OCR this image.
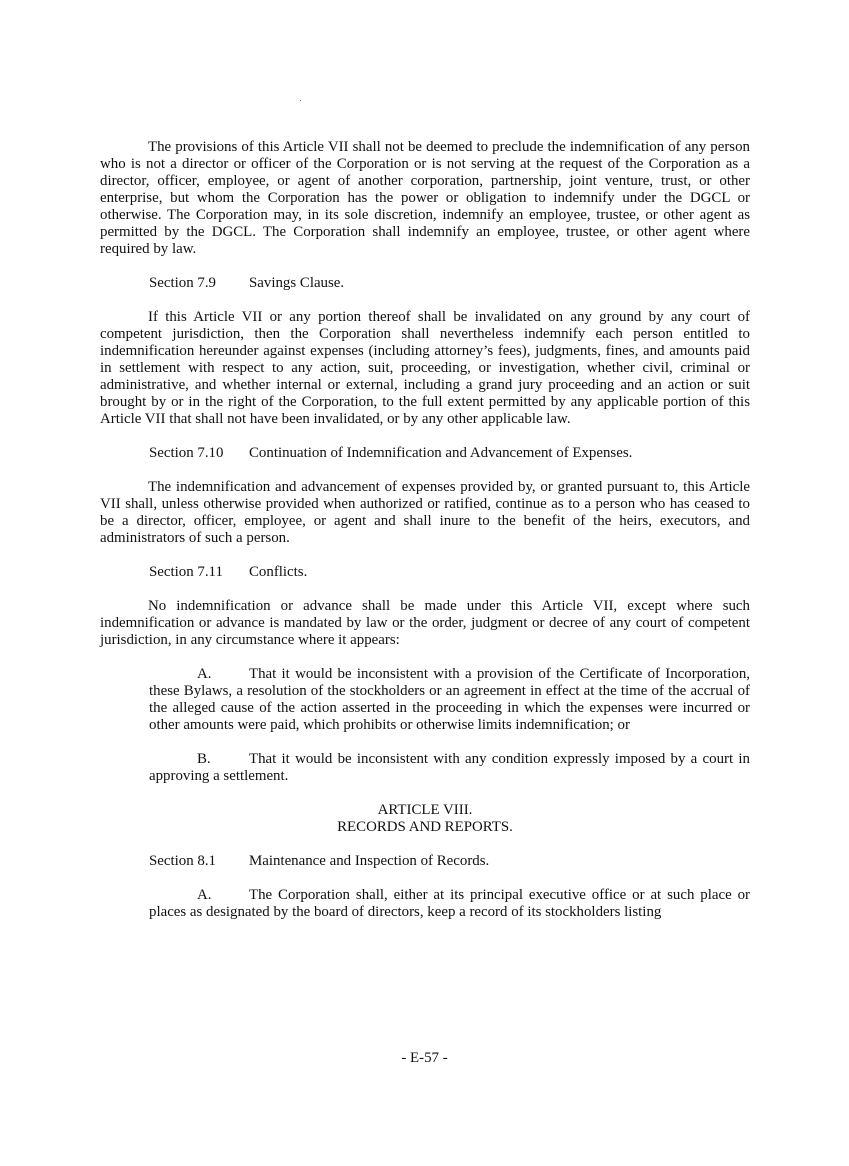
The provisions of this Article VII shall not be deemed to preclude the indemnification of any person who is not a director or officer of the Corporation or is not serving at the request of the Corporation as a director, officer, employee, or agent of another corporation, partnership, joint venture, trust, or other enterprise, but whom the Corporation has the power or obligation to indemnify under the DGCL or otherwise. The Corporation may, in its sole discretion, indemnify an employee, trustee, or other agent as permitted by the DGCL. The Corporation shall indemnify an employee, trustee, or other agent where required by law.

Section 7.9	Savings Clause.

If this Article VII or any portion thereof shall be invalidated on any ground by any court of competent jurisdiction, then the Corporation shall nevertheless indemnify each person entitled to indemnification hereunder against expenses (including attorney’s fees), judgments, fines, and amounts paid in settlement with respect to any action, suit, proceeding, or investigation, whether civil, criminal or administrative, and whether internal or external, including a grand jury proceeding and an action or suit brought by or in the right of the Corporation, to the full extent permitted by any applicable portion of this Article VII that shall not have been invalidated, or by any other applicable law.

Section 7.10	Continuation of Indemnification and Advancement of Expenses.

The indemnification and advancement of expenses provided by, or granted pursuant to, this Article VII shall, unless otherwise provided when authorized or ratified, continue as to a person who has ceased to be a director, officer, employee, or agent and shall inure to the benefit of the heirs, executors, and administrators of such a person.

Section 7.11	Conflicts.

No indemnification or advance shall be made under this Article VII, except where such indemnification or advance is mandated by law or the order, judgment or decree of any court of competent jurisdiction, in any circumstance where it appears:

A.	That it would be inconsistent with a provision of the Certificate of Incorporation, these Bylaws, a resolution of the stockholders or an agreement in effect at the time of the accrual of the alleged cause of the action asserted in the proceeding in which the expenses were incurred or other amounts were paid, which prohibits or otherwise limits indemnification; or

B.	That it would be inconsistent with any condition expressly imposed by a court in approving a settlement.

ARTICLE VIII.
RECORDS AND REPORTS.
Section 8.1	Maintenance and Inspection of Records.

A.	The Corporation shall, either at its principal executive office or at such place or places as designated by the board of directors, keep a record of its stockholders listing

- E-57 -
